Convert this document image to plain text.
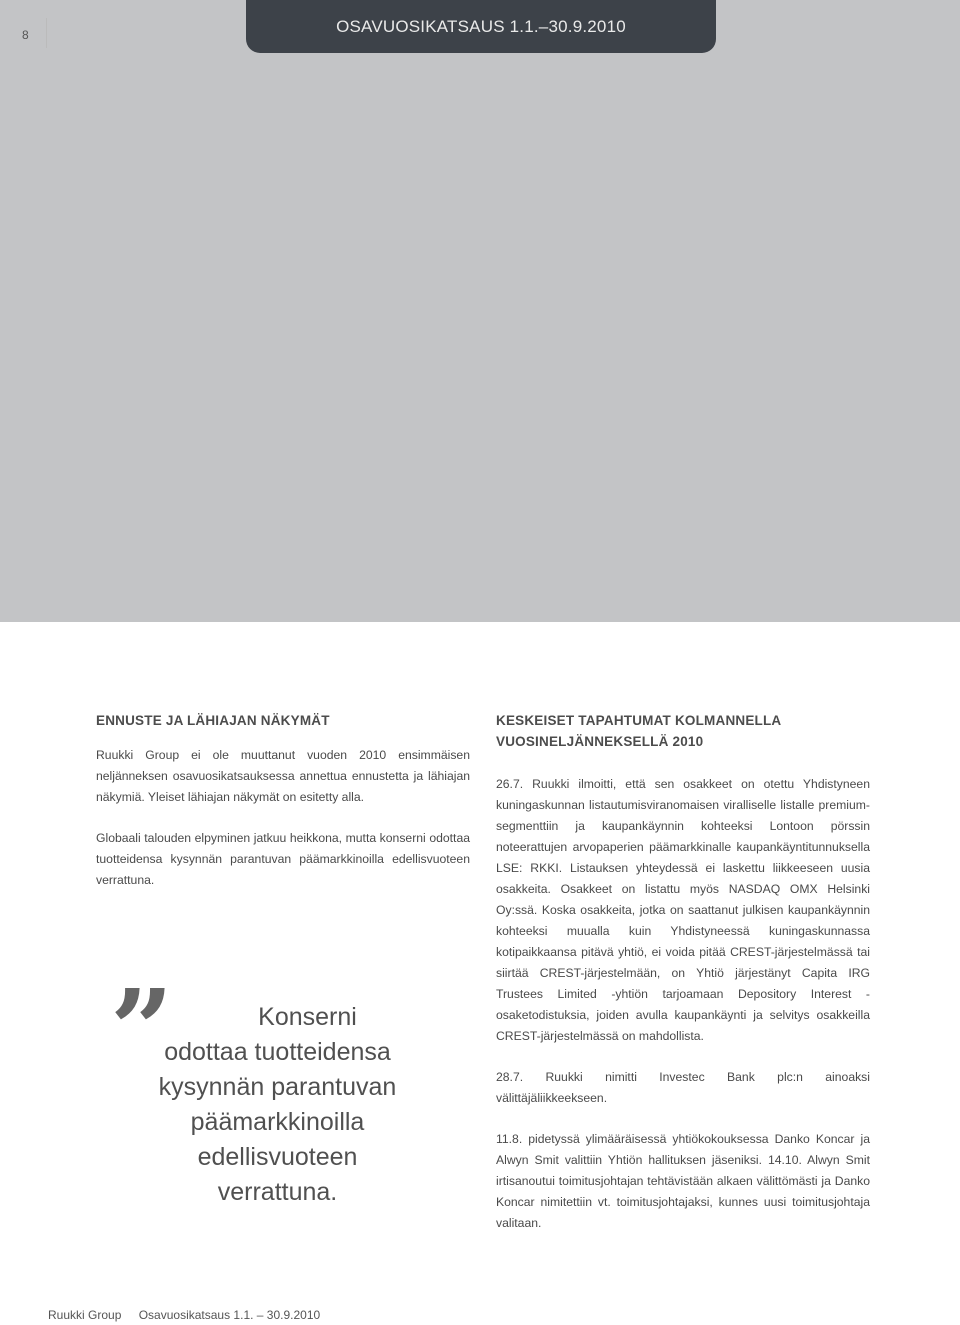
8	OSAVUOSIKATSAUS 1.1.–30.9.2010
ENNUSTE JA LÄHIAJAN NÄKYMÄT

Ruukki Group ei ole muuttanut vuoden 2010 ensimmäisen neljänneksen osavuosikatsauksessa annettua ennustetta ja lähiajan näkymiä. Yleiset lähiajan näkymät on esitetty alla.

Globaali talouden elpyminen jatkuu heikkona, mutta konserni odottaa tuotteidensa kysynnän parantuvan päämarkkinoilla edellisvuoteen verrattuna.

”	Konserni
odottaa tuotteidensa kysynnän parantuvan päämarkkinoilla edellisvuoteen verrattuna.
KESKEISET TAPAHTUMAT KOLMANNELLA VUOSINELJÄNNEKSELLÄ 2010

26.7. Ruukki ilmoitti, että sen osakkeet on otettu Yhdistyneen kuningaskunnan listautumisviranomaisen viralliselle listalle premium-segmenttiin ja kaupankäynnin kohteeksi Lontoon pörssin noteerattujen arvopaperien päämarkkinalle kaupankäyntitunnuksella LSE: RKKI. Listauksen yhteydessä ei laskettu liikkeeseen uusia osakkeita. Osakkeet on listattu myös NASDAQ OMX Helsinki Oy:ssä. Koska osakkeita, jotka on saattanut julkisen kaupankäynnin kohteeksi muualla kuin Yhdistyneessä kuningaskunnassa kotipaikkaansa pitävä yhtiö, ei voida pitää CREST-järjestelmässä tai siirtää CREST-järjestelmään, on Yhtiö järjestänyt Capita IRG Trustees Limited -yhtiön tarjoamaan Depository Interest -osaketodistuksia, joiden avulla kaupankäynti ja selvitys osakkeilla CREST-järjestelmässä on mahdollista.

28.7. Ruukki nimitti Investec Bank plc:n ainoaksi välittäjäliikkeekseen.

11.8. pidetyssä ylimääräisessä yhtiökokouksessa Danko Koncar ja Alwyn Smit valittiin Yhtiön hallituksen jäseniksi. 14.10. Alwyn Smit irtisanoutui toimitusjohtajan tehtävistään alkaen välittömästi ja Danko Koncar nimitettiin vt. toimitusjohtajaksi, kunnes uusi toimitusjohtaja valitaan.

Ruukki Group Osavuosikatsaus 1.1. – 30.9.2010
